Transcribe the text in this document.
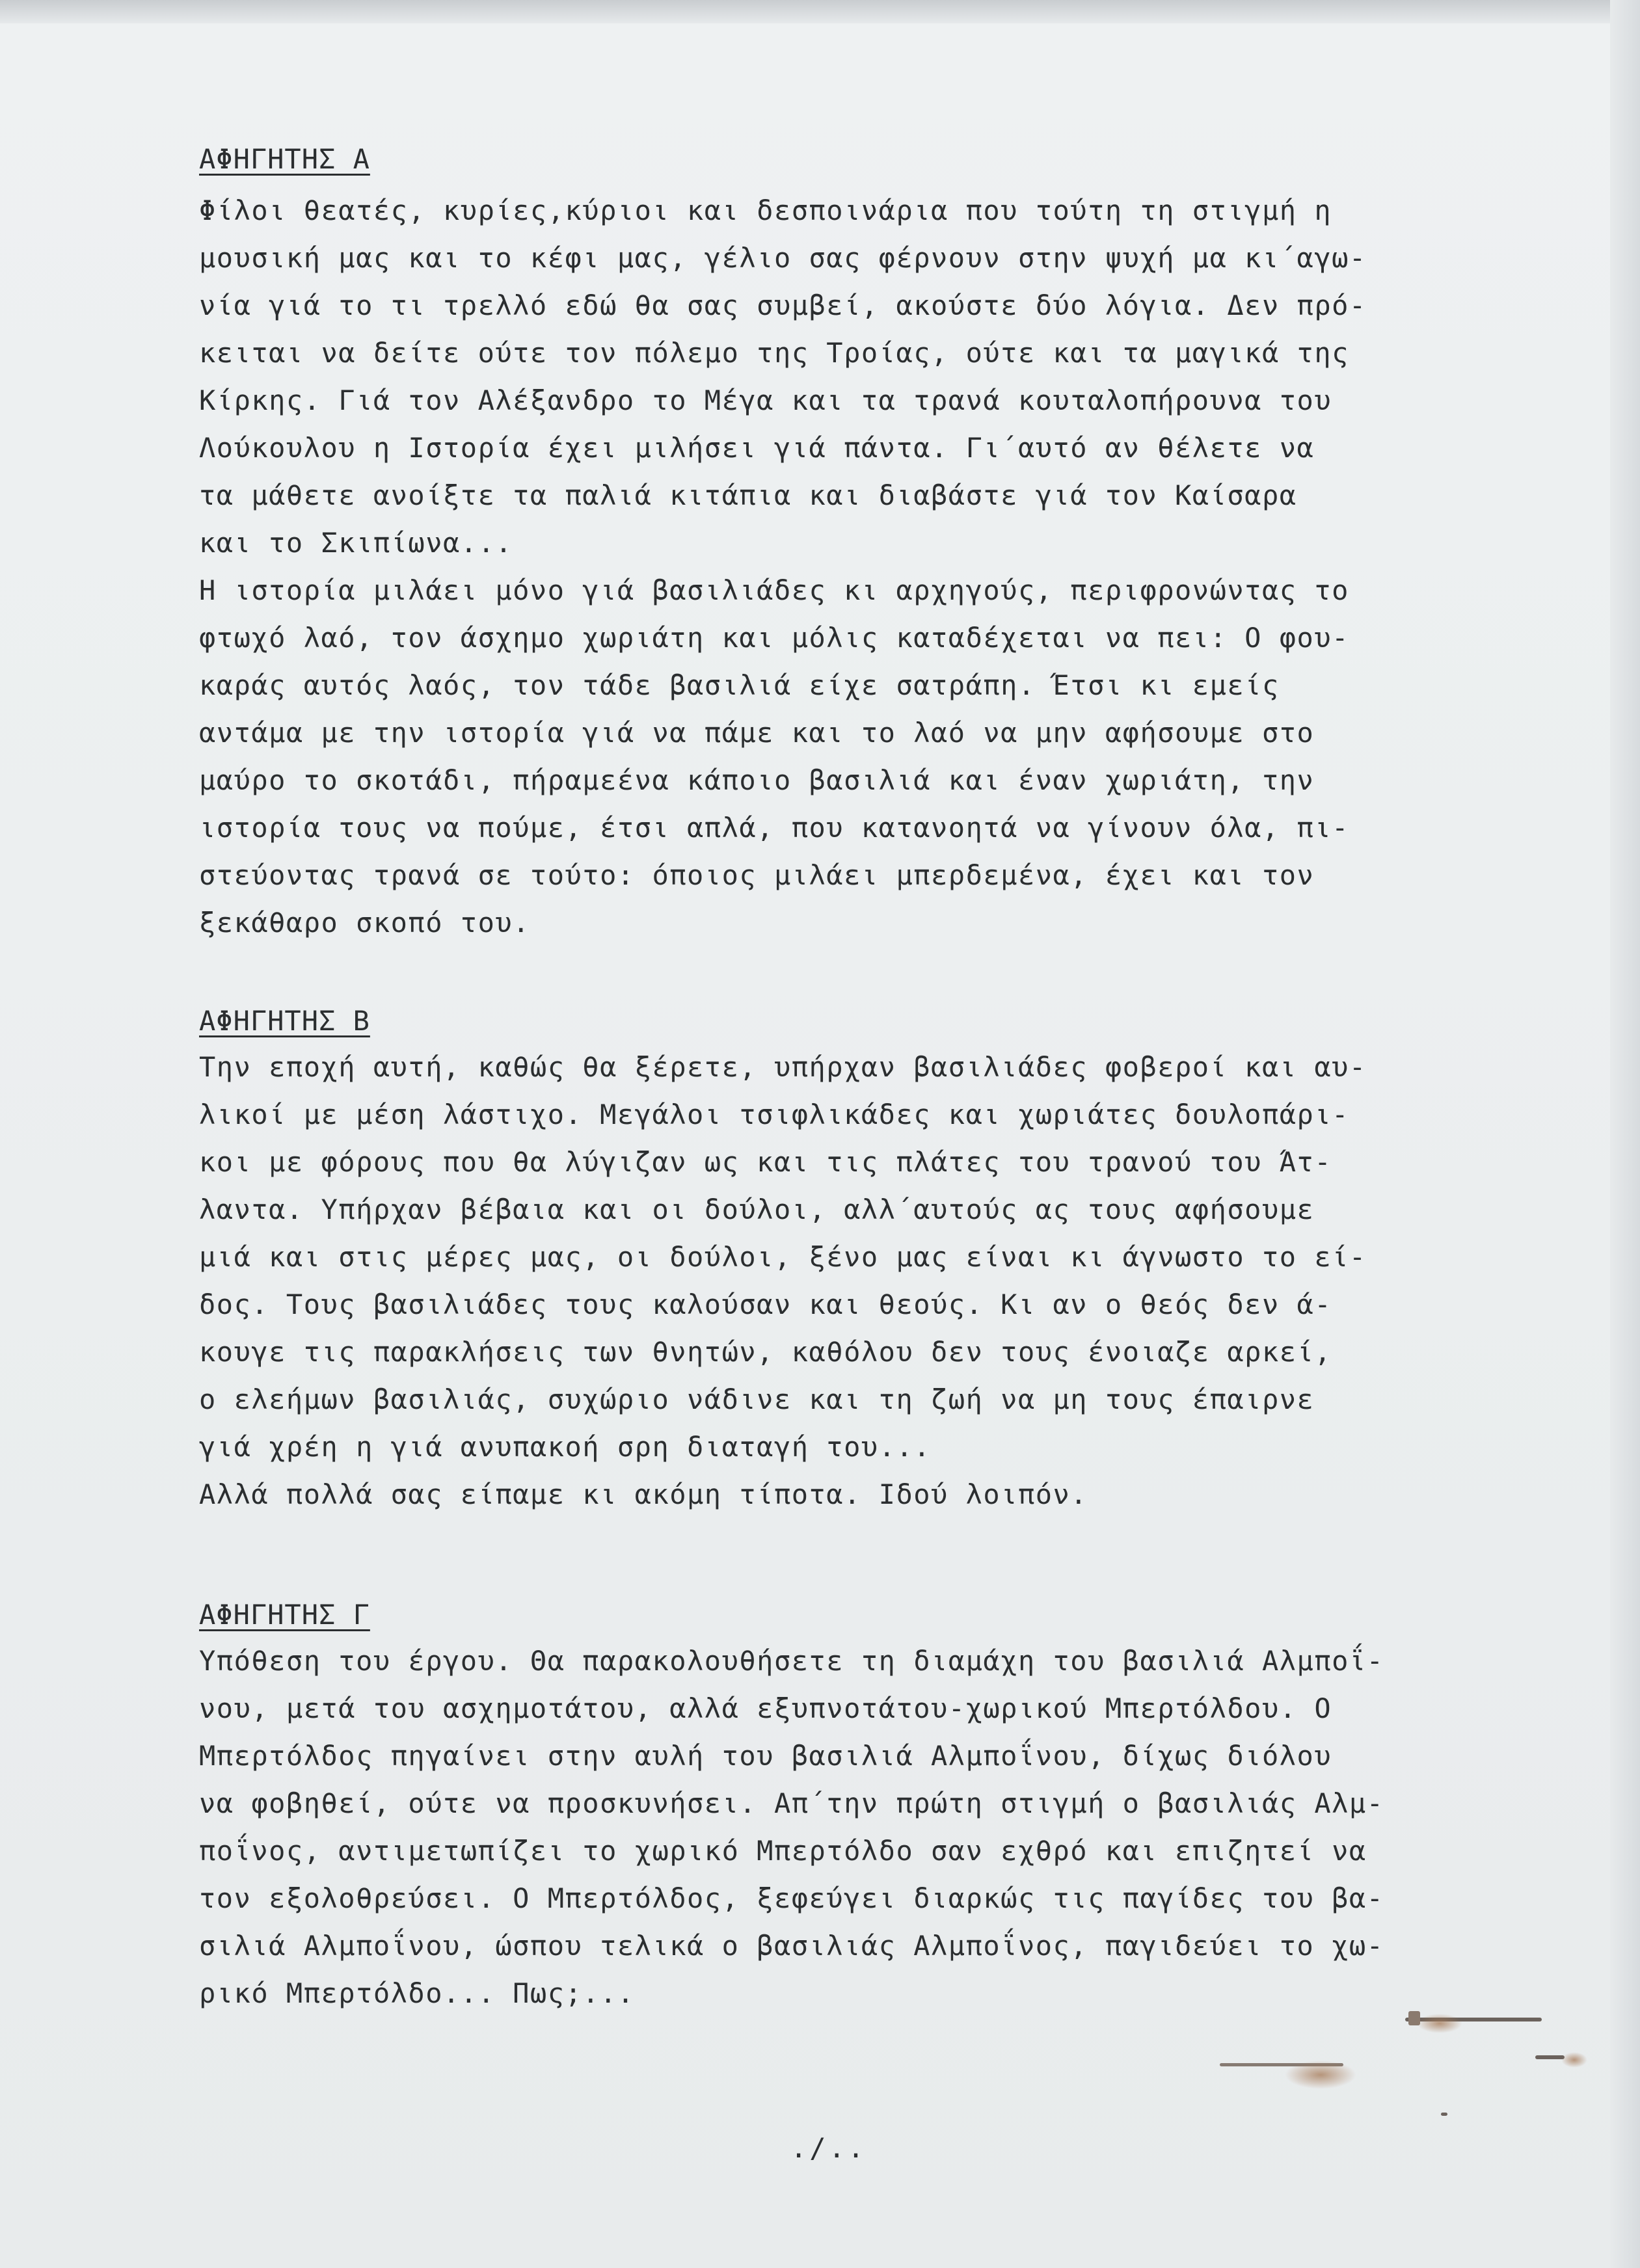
ΑΦΗΓΗΤΗΣ Α
Φίλοι θεατές, κυρίες,κύριοι και δεσποινάρια που τούτη τη στιγμή η
μουσική μας και το κέφι μας, γέλιο σας φέρνουν στην ψυχή μα κι΄αγω-
νία γιά το τι τρελλό εδώ θα σας συμβεί, ακούστε δύο λόγια. Δεν πρό-
κειται να δείτε ούτε τον πόλεμο της Τροίας, ούτε και τα μαγικά της
Κίρκης. Γιά τον Αλέξανδρο το Μέγα και τα τρανά κουταλοπήρουνα του
Λούκουλου η Ιστορία έχει μιλήσει γιά πάντα. Γι΄αυτό αν θέλετε να
τα μάθετε ανοίξτε τα παλιά κιτάπια και διαβάστε γιά τον Καίσαρα
και το Σκιπίωνα...
Η ιστορία μιλάει μόνο γιά βασιλιάδες κι αρχηγούς, περιφρονώντας το
φτωχό λαό, τον άσχημο χωριάτη και μόλις καταδέχεται να πει: Ο φου-
καράς αυτός λαός, τον τάδε βασιλιά είχε σατράπη. Έτσι κι εμείς
αντάμα με την ιστορία γιά να πάμε και το λαό να μην αφήσουμε στο
μαύρο το σκοτάδι, πήραμεένα κάποιο βασιλιά και έναν χωριάτη, την
ιστορία τους να πούμε, έτσι απλά, που κατανοητά να γίνουν όλα, πι-
στεύοντας τρανά σε τούτο: όποιος μιλάει μπερδεμένα, έχει και τον
ξεκάθαρο σκοπό του.
ΑΦΗΓΗΤΗΣ Β
Την εποχή αυτή, καθώς θα ξέρετε, υπήρχαν βασιλιάδες φοβεροί και αυ-
λικοί με μέση λάστιχο. Μεγάλοι τσιφλικάδες και χωριάτες δουλοπάρι-
κοι με φόρους που θα λύγιζαν ως και τις πλάτες του τρανού του Άτ-
λαντα. Υπήρχαν βέβαια και οι δούλοι, αλλ΄αυτούς ας τους αφήσουμε
μιά και στις μέρες μας, οι δούλοι, ξένο μας είναι κι άγνωστο το εί-
δος. Τους βασιλιάδες τους καλούσαν και θεούς. Κι αν ο θεός δεν ά-
κουγε τις παρακλήσεις των θνητών, καθόλου δεν τους ένοιαζε αρκεί,
ο ελεήμων βασιλιάς, συχώριο νάδινε και τη ζωή να μη τους έπαιρνε
γιά χρέη η γιά ανυπακοή σρη διαταγή του...
Αλλά πολλά σας είπαμε κι ακόμη τίποτα. Ιδού λοιπόν.
ΑΦΗΓΗΤΗΣ Γ
Υπόθεση του έργου. Θα παρακολουθήσετε τη διαμάχη του βασιλιά Αλμποΐ-
νου, μετά του ασχημοτάτου, αλλά εξυπνοτάτου-χωρικού Μπερτόλδου. Ο
Μπερτόλδος πηγαίνει στην αυλή του βασιλιά Αλμποΐνου, δίχως διόλου
να φοβηθεί, ούτε να προσκυνήσει. Απ΄την πρώτη στιγμή ο βασιλιάς Αλμ-
ποΐνος, αντιμετωπίζει το χωρικό Μπερτόλδο σαν εχθρό και επιζητεί να
τον εξολοθρεύσει. Ο Μπερτόλδος, ξεφεύγει διαρκώς τις παγίδες του βα-
σιλιά Αλμποΐνου, ώσπου τελικά ο βασιλιάς Αλμποΐνος, παγιδεύει το χω-
ρικό Μπερτόλδο... Πως;...
./..
